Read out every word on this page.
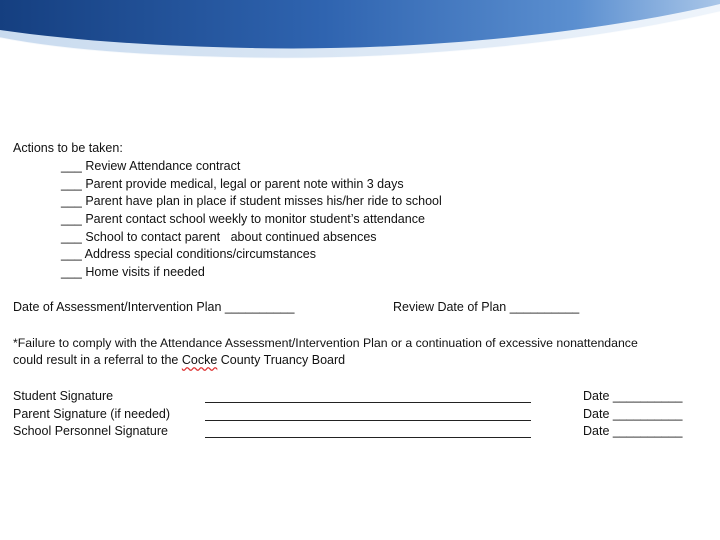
Actions to be taken:
___ Review Attendance contract
___ Parent provide medical, legal or parent note within 3 days
___ Parent have plan in place if student misses his/her ride to school
___ Parent contact school weekly to monitor student’s attendance
___ School to contact parent   about continued absences
___ Address special conditions/circumstances
___ Home visits if needed
Date of Assessment/Intervention Plan __________	Review Date of Plan __________
*Failure to comply with the Attendance Assessment/Intervention Plan or a continuation of excessive nonattendance
could result in a referral to the Cocke County Truancy Board
Student Signature	Date __________
Parent Signature (if needed)	Date __________
School Personnel Signature	Date __________
